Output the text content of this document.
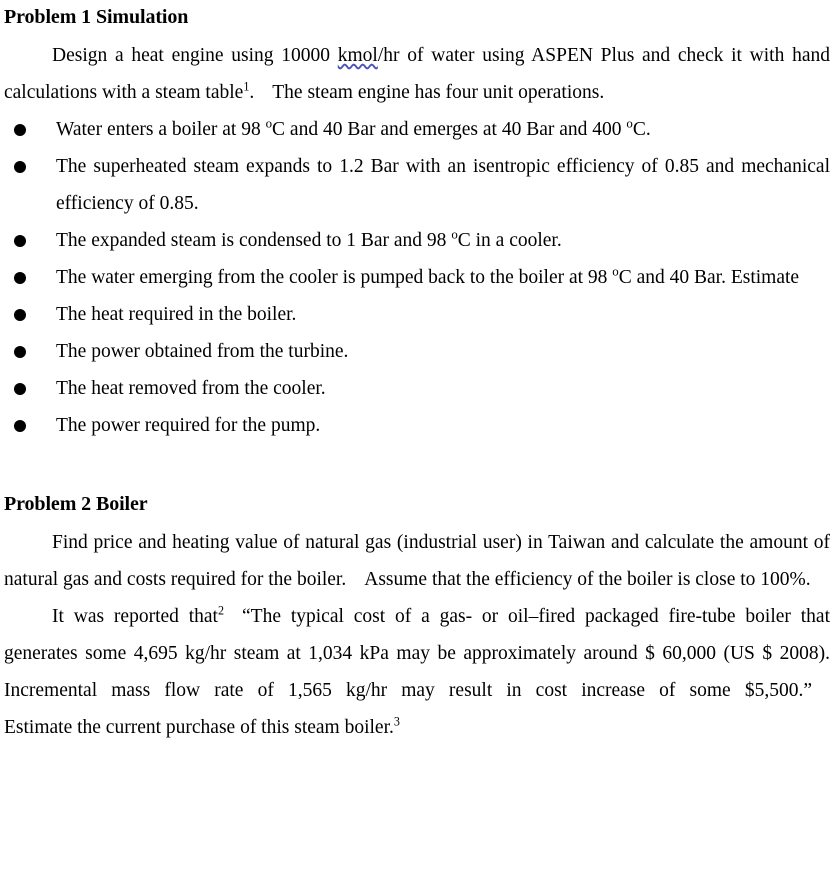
Problem 1 Simulation

Design a heat engine using 10000 kmol/hr of water using ASPEN Plus and check it with hand calculations with a steam table$^1$. The steam engine has four unit operations.

Water enters a boiler at 98 $^o$C and 40 Bar and emerges at 40 Bar and 400 $^o$C.
The superheated steam expands to 1.2 Bar with an isentropic efficiency of 0.85 and mechanical efficiency of 0.85.
The expanded steam is condensed to 1 Bar and 98 $^o$C in a cooler.
The water emerging from the cooler is pumped back to the boiler at 98 $^o$C and 40 Bar. Estimate
The heat required in the boiler.
The power obtained from the turbine.
The heat removed from the cooler.
The power required for the pump.
Problem 2 Boiler

Find price and heating value of natural gas (industrial user) in Taiwan and calculate the amount of natural gas and costs required for the boiler. Assume that the efficiency of the boiler is close to 100%.

It was reported that$^2$ “The typical cost of a gas- or oil–fired packaged fire-tube boiler that generates some 4,695 kg/hr steam at 1,034 kPa may be approximately around $ 60,000 (US $ 2008). Incremental mass flow rate of 1,565 kg/hr may result in cost increase of some $5,500.”Estimate the current purchase of this steam boiler.$^3$
